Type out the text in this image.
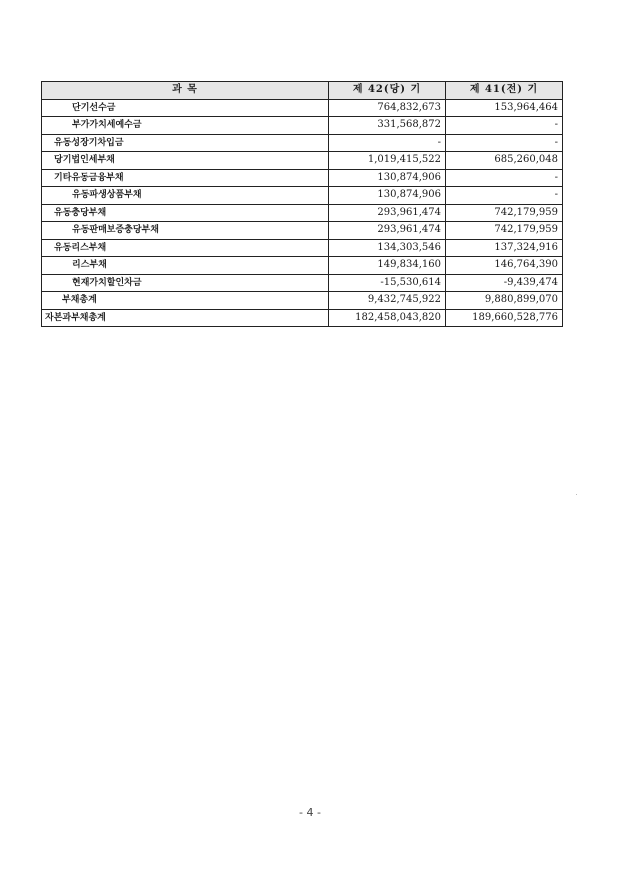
과 목	제 42(당) 기	제 41(전) 기
단기선수금	764,832,673	153,964,464
부가가치세예수금	331,568,872	-
유동성장기차입금	-	-
당기법인세부채	1,019,415,522	685,260,048
기타유동금융부채	130,874,906	-
유동파생상품부채	130,874,906	-
유동충당부채	293,961,474	742,179,959
유동판매보증충당부채	293,961,474	742,179,959
유동리스부채	134,303,546	137,324,916
리스부채	149,834,160	146,764,390
현재가치할인차금	-15,530,614	-9,439,474
부채총계	9,432,745,922	9,880,899,070
자본과부채총계	182,458,043,820	189,660,528,776
- 4 -
